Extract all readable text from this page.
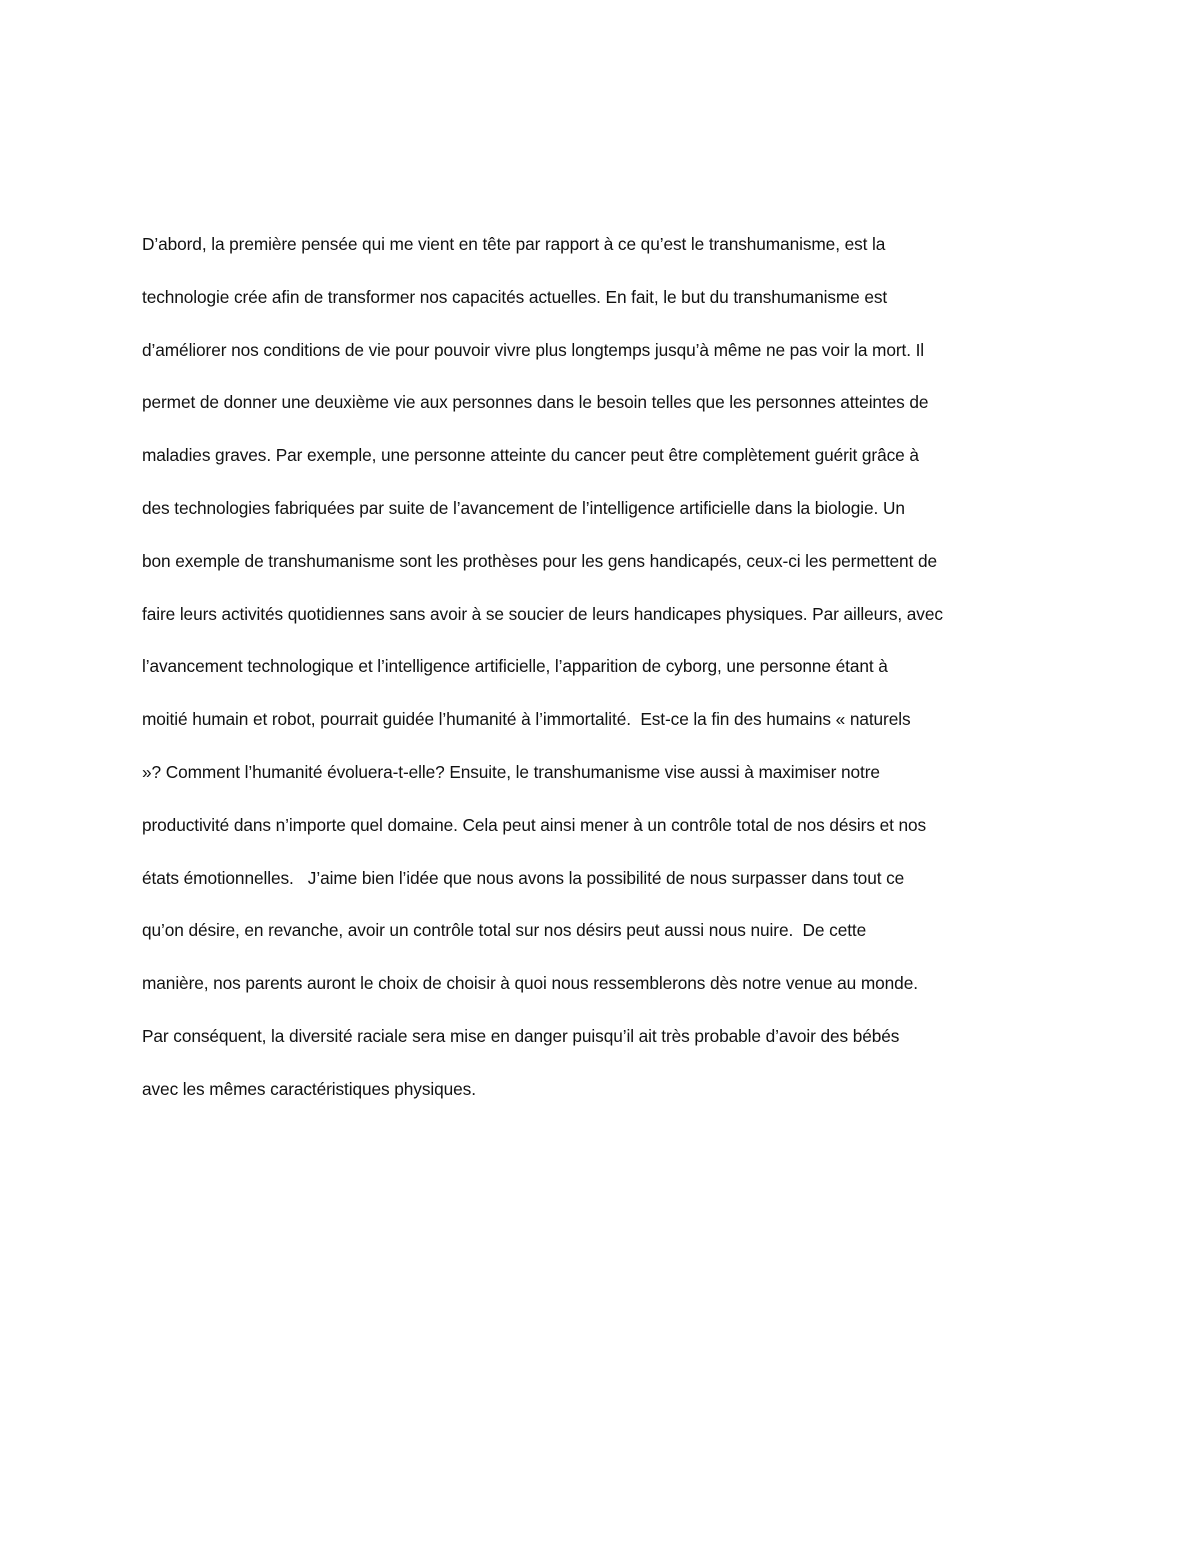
D’abord, la première pensée qui me vient en tête par rapport à ce qu’est le transhumanisme, est la
technologie crée afin de transformer nos capacités actuelles. En fait, le but du transhumanisme est
d’améliorer nos conditions de vie pour pouvoir vivre plus longtemps jusqu’à même ne pas voir la mort. Il
permet de donner une deuxième vie aux personnes dans le besoin telles que les personnes atteintes de
maladies graves. Par exemple, une personne atteinte du cancer peut être complètement guérit grâce à
des technologies fabriquées par suite de l’avancement de l’intelligence artificielle dans la biologie. Un
bon exemple de transhumanisme sont les prothèses pour les gens handicapés, ceux-ci les permettent de
faire leurs activités quotidiennes sans avoir à se soucier de leurs handicapes physiques. Par ailleurs, avec
l’avancement technologique et l’intelligence artificielle, l’apparition de cyborg, une personne étant à
moitié humain et robot, pourrait guidée l’humanité à l’immortalité.  Est-ce la fin des humains « naturels
»? Comment l’humanité évoluera-t-elle? Ensuite, le transhumanisme vise aussi à maximiser notre
productivité dans n’importe quel domaine. Cela peut ainsi mener à un contrôle total de nos désirs et nos
états émotionnelles.   J’aime bien l’idée que nous avons la possibilité de nous surpasser dans tout ce
qu’on désire, en revanche, avoir un contrôle total sur nos désirs peut aussi nous nuire.  De cette
manière, nos parents auront le choix de choisir à quoi nous ressemblerons dès notre venue au monde.
Par conséquent, la diversité raciale sera mise en danger puisqu’il ait très probable d’avoir des bébés
avec les mêmes caractéristiques physiques.
